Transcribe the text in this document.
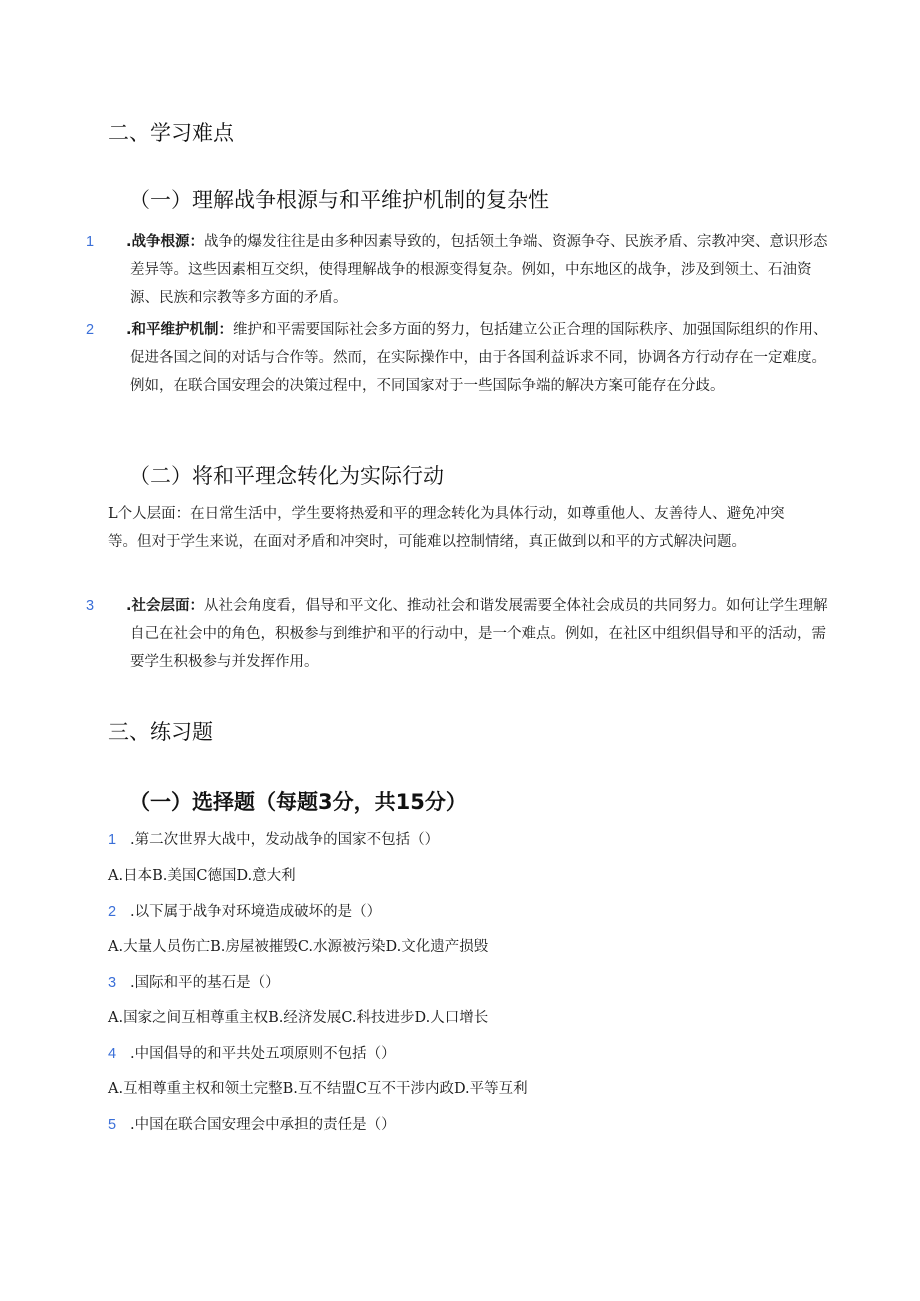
二、学习难点
（一）理解战争根源与和平维护机制的复杂性
1 .战争根源：战争的爆发往往是由多种因素导致的，包括领土争端、资源争夺、民族矛盾、宗教冲突、意识形态差异等。这些因素相互交织，使得理解战争的根源变得复杂。例如，中东地区的战争，涉及到领土、石油资源、民族和宗教等多方面的矛盾。
2 .和平维护机制：维护和平需要国际社会多方面的努力，包括建立公正合理的国际秩序、加强国际组织的作用、促进各国之间的对话与合作等。然而，在实际操作中，由于各国利益诉求不同，协调各方行动存在一定难度。例如，在联合国安理会的决策过程中，不同国家对于一些国际争端的解决方案可能存在分歧。
（二）将和平理念转化为实际行动
L个人层面：在日常生活中，学生要将热爱和平的理念转化为具体行动，如尊重他人、友善待人、避免冲突等。但对于学生来说，在面对矛盾和冲突时，可能难以控制情绪，真正做到以和平的方式解决问题。
3 .社会层面：从社会角度看，倡导和平文化、推动社会和谐发展需要全体社会成员的共同努力。如何让学生理解自己在社会中的角色，积极参与到维护和平的行动中，是一个难点。例如，在社区中组织倡导和平的活动，需要学生积极参与并发挥作用。
三、练习题
（一）选择题（每题3分，共15分）
1 .第二次世界大战中，发动战争的国家不包括（）
A.日本B.美国C德国D.意大利
2 .以下属于战争对环境造成破坏的是（）
A.大量人员伤亡B.房屋被摧毁C.水源被污染D.文化遗产损毁
3 .国际和平的基石是（）
A.国家之间互相尊重主权B.经济发展C.科技进步D.人口增长
4 .中国倡导的和平共处五项原则不包括（）
A.互相尊重主权和领土完整B.互不结盟C互不干涉内政D.平等互利
5 .中国在联合国安理会中承担的责任是（）
